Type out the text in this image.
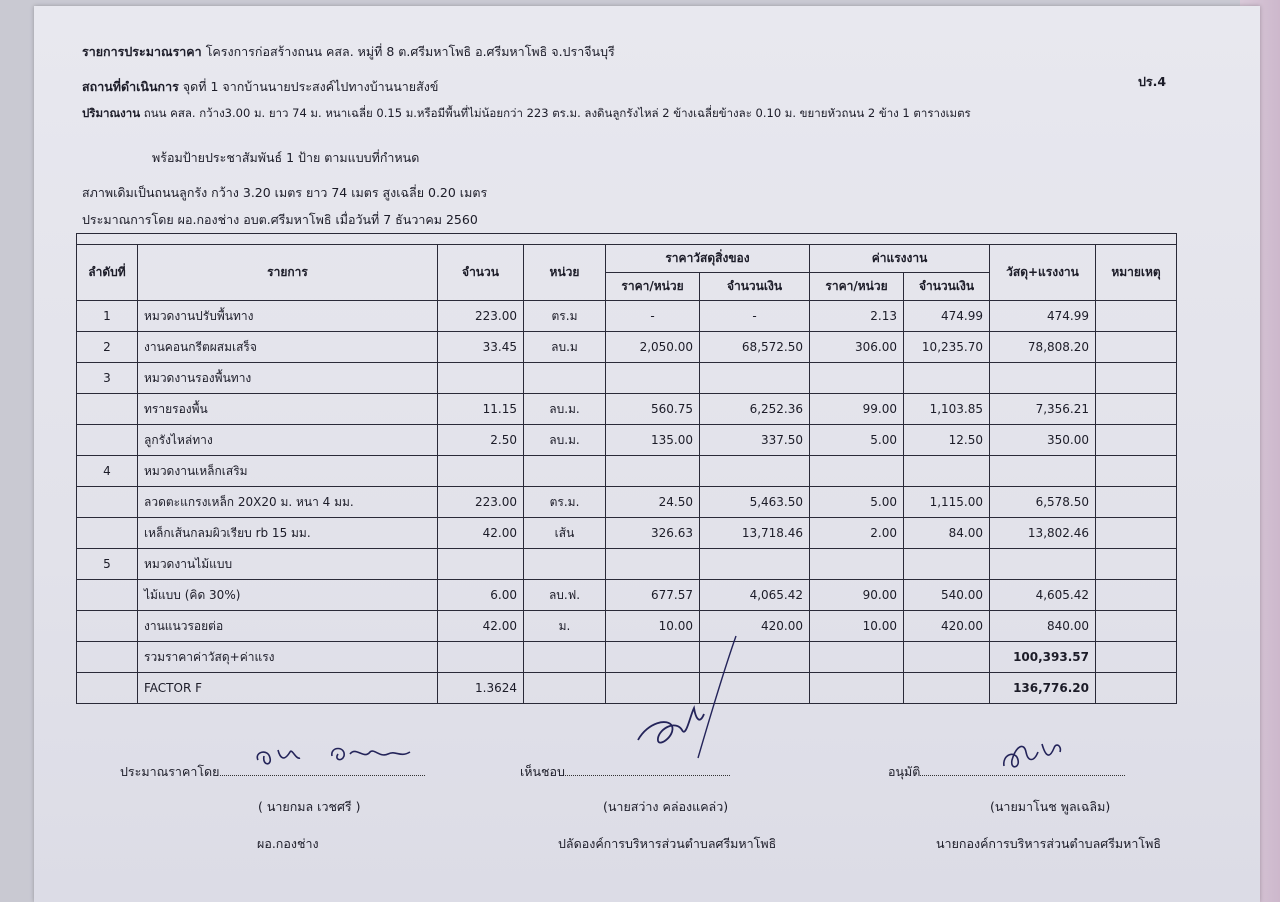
รายการประมาณราคา โครงการก่อสร้างถนน คสล. หมู่ที่ 8 ต.ศรีมหาโพธิ อ.ศรีมหาโพธิ จ.ปราจีนบุรี
สถานที่ดำเนินการ จุดที่ 1 จากบ้านนายประสงค์ไปทางบ้านนายสังข์	ปร.4
ปริมาณงาน ถนน คสล. กว้าง3.00 ม. ยาว 74 ม. หนาเฉลี่ย 0.15 ม.หรือมีพื้นที่ไม่น้อยกว่า 223 ตร.ม. ลงดินลูกรังไหล่ 2 ข้างเฉลี่ยข้างละ 0.10 ม. ขยายหัวถนน 2 ข้าง 1 ตารางเมตร
พร้อมป้ายประชาสัมพันธ์ 1 ป้าย ตามแบบที่กำหนด
สภาพเดิมเป็นถนนลูกรัง กว้าง 3.20 เมตร ยาว 74 เมตร สูงเฉลี่ย 0.20 เมตร
ประมาณการโดย ผอ.กองช่าง อบต.ศรีมหาโพธิ เมื่อวันที่ 7 ธันวาคม 2560

ลำดับที่	รายการ	จำนวน	หน่วย	ราคาวัสดุสิ่งของ		ค่าแรงงาน		วัสดุ+แรงงาน	หมายเหตุ
				ราคา/หน่วย	จำนวนเงิน	ราคา/หน่วย	จำนวนเงิน		
1	หมวดงานปรับพื้นทาง	223.00	ตร.ม	-	-	2.13	474.99	474.99	
2	งานคอนกรีตผสมเสร็จ	33.45	ลบ.ม	2,050.00	68,572.50	306.00	10,235.70	78,808.20	
3	หมวดงานรองพื้นทาง								
	ทรายรองพื้น	11.15	ลบ.ม.	560.75	6,252.36	99.00	1,103.85	7,356.21	
	ลูกรังไหล่ทาง	2.50	ลบ.ม.	135.00	337.50	5.00	12.50	350.00	
4	หมวดงานเหล็กเสริม								
	ลวดตะแกรงเหล็ก 20X20 ม. หนา 4 มม.	223.00	ตร.ม.	24.50	5,463.50	5.00	1,115.00	6,578.50	
	เหล็กเส้นกลมผิวเรียบ rb 15 มม.	42.00	เส้น	326.63	13,718.46	2.00	84.00	13,802.46	
5	หมวดงานไม้แบบ								
	ไม้แบบ (คิด 30%)	6.00	ลบ.ฟ.	677.57	4,065.42	90.00	540.00	4,605.42	
	งานแนวรอยต่อ	42.00	ม.	10.00	420.00	10.00	420.00	840.00	
	รวมราคาค่าวัสดุ+ค่าแรง							100,393.57	
	FACTOR F	1.3624						136,776.20	
ประมาณราคาโดย	เห็นชอบ	อนุมัติ
( นายกมล เวชศรี )	(นายสว่าง คล่องแคล่ว)	(นายมาโนช พูลเฉลิม)
ผอ.กองช่าง	ปลัดองค์การบริหารส่วนตำบลศรีมหาโพธิ	นายกองค์การบริหารส่วนตำบลศรีมหาโพธิ
